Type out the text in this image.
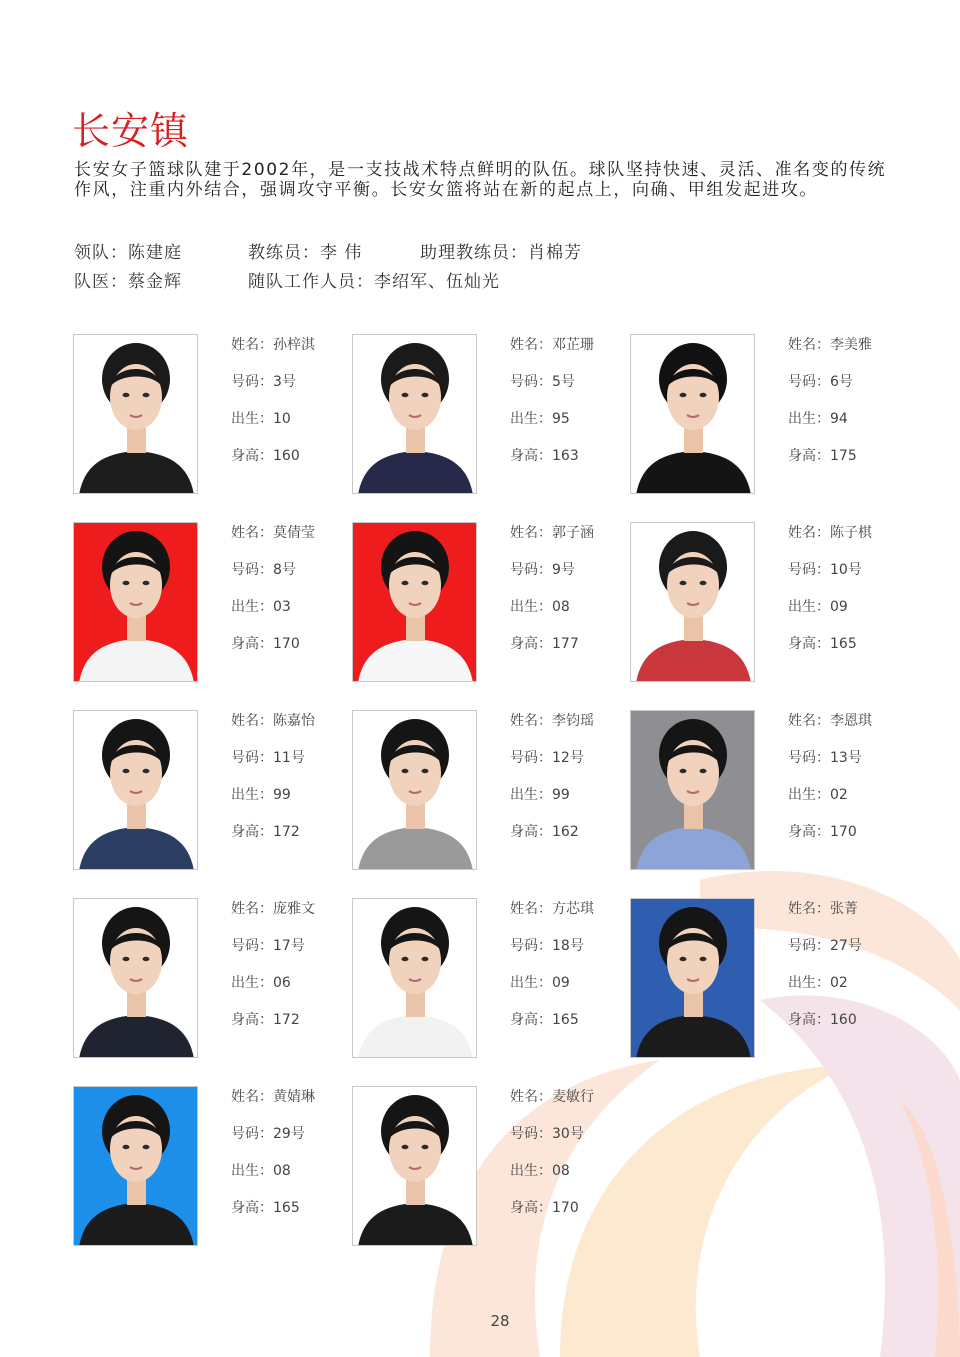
长安镇

长安女子篮球队建于2002年，是一支技战术特点鲜明的队伍。球队坚持快速、灵活、准名变的传统作风，注重内外结合，强调攻守平衡。长安女篮将站在新的起点上，向确、甲组发起进攻。

领队：陈建庭	教练员：李 伟	助理教练员：肖棉芳
队医：蔡金辉	随队工作人员：李绍军、伍灿光
姓名：孙梓淇
号码：3号
出生：10
身高：160
姓名：邓芷珊
号码：5号
出生：95
身高：163
姓名：李美雅
号码：6号
出生：94
身高：175
姓名：莫倩莹
号码：8号
出生：03
身高：170
姓名：郭子涵
号码：9号
出生：08
身高：177
姓名：陈子棋
号码：10号
出生：09
身高：165
姓名：陈嘉怡
号码：11号
出生：99
身高：172
姓名：李钧瑶
号码：12号
出生：99
身高：162
姓名：李恩琪
号码：13号
出生：02
身高：170
姓名：庞雅文
号码：17号
出生：06
身高：172
姓名：方芯琪
号码：18号
出生：09
身高：165
姓名：张菁
号码：27号
出生：02
身高：160
姓名：黄婧琳
号码：29号
出生：08
身高：165
姓名：麦敏行
号码：30号
出生：08
身高：170
28
